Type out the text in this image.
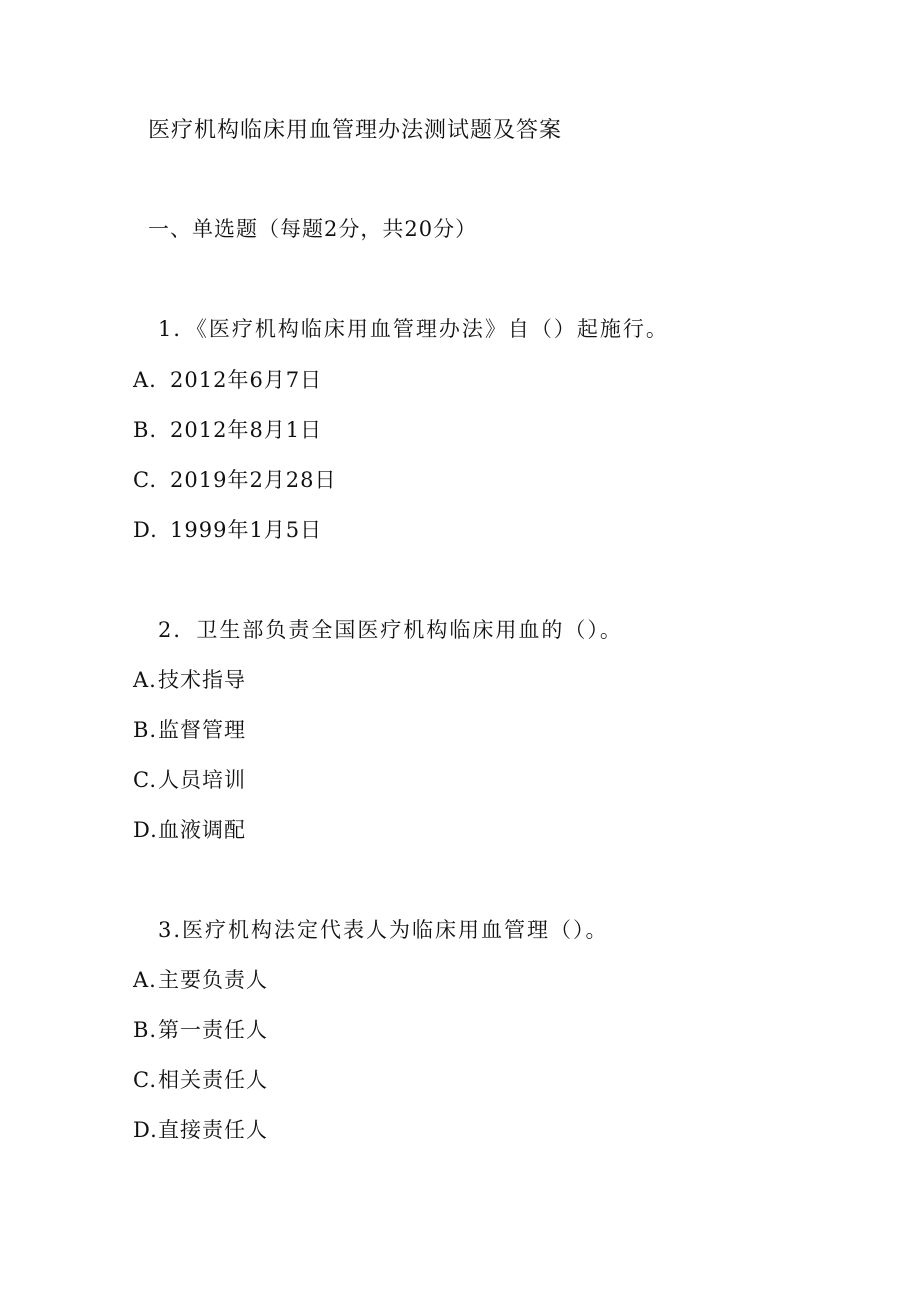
医疗机构临床用血管理办法测试题及答案
一、单选题（每题2分，共20分）
1．《医疗机构临床用血管理办法》自（）起施行。
A. 2012年6月7日
B. 2012年8月1日
C. 2019年2月28日
D. 1999年1月5日
2．卫生部负责全国医疗机构临床用血的（）。
A.技术指导
B.监督管理
C.人员培训
D.血液调配
3.医疗机构法定代表人为临床用血管理（）。
A.主要负责人
B.第一责任人
C.相关责任人
D.直接责任人
